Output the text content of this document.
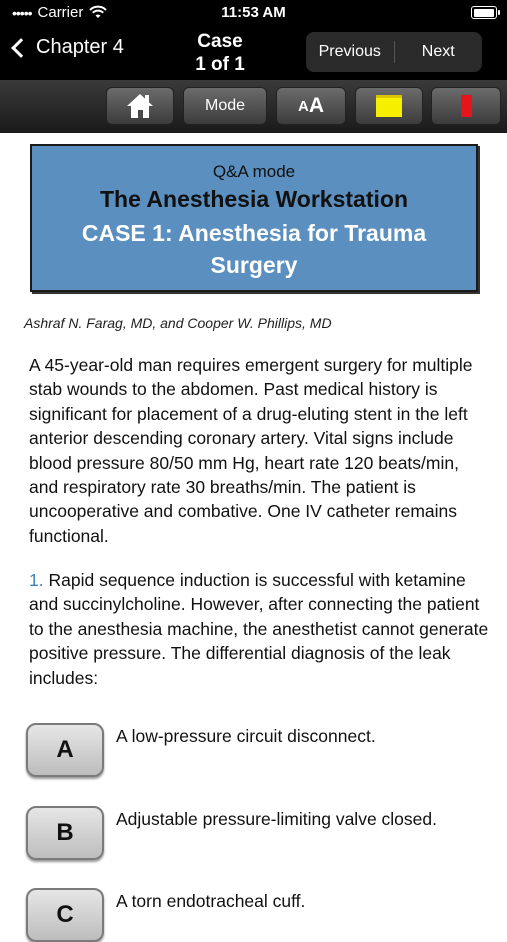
••••• Carrier	11:53 AM
Chapter 4	Case
1 of 1
Previous	Next
Mode	A A
Q&A mode
The Anesthesia Workstation
CASE 1: Anesthesia for Trauma Surgery
Ashraf N. Farag, MD, and Cooper W. Phillips, MD
A 45-year-old man requires emergent surgery for multiple stab wounds to the abdomen. Past medical history is significant for placement of a drug-eluting stent in the left anterior descending coronary artery. Vital signs include blood pressure 80/50 mm Hg, heart rate 120 beats/min, and respiratory rate 30 breaths/min. The patient is uncooperative and combative. One IV catheter remains functional.
1. Rapid sequence induction is successful with ketamine and succinylcholine. However, after connecting the patient to the anesthesia machine, the anesthetist cannot generate positive pressure. The differential diagnosis of the leak includes:
A	A low-pressure circuit disconnect.
B	Adjustable pressure-limiting valve closed.
C	A torn endotracheal cuff.
